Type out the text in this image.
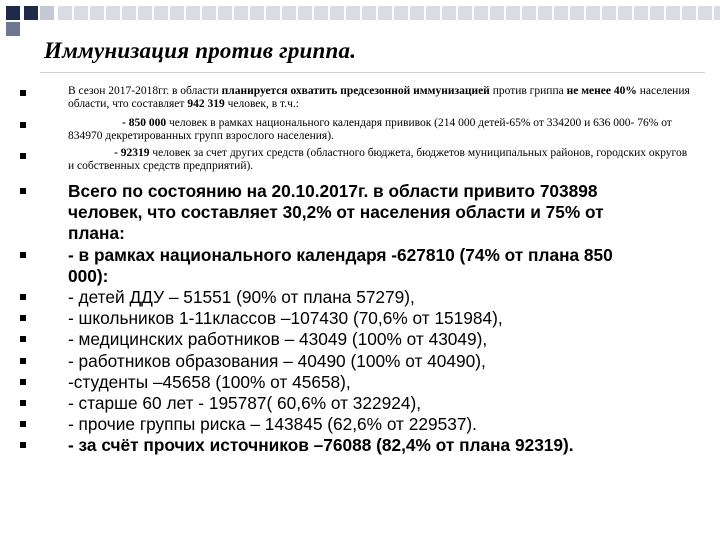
Иммунизация против гриппа.
В сезон 2017-2018гг. в области планируется охватить предсезонной иммунизацией против гриппа не менее 40% населения области, что составляет 942 319 человек, в т.ч.:
- 850 000 человек в рамках национального календаря прививок (214 000 детей-65% от 334200 и 636 000- 76% от 834970 декретированных групп взрослого населения).
- 92319 человек за счет других средств (областного бюджета, бюджетов муниципальных районов, городских округов и собственных средств предприятий).
Всего по состоянию на 20.10.2017г. в области привито 703898
человек, что составляет 30,2% от населения области и 75% от
плана:
- в рамках национального календаря -627810 (74% от плана 850
000):
- детей ДДУ – 51551 (90% от плана 57279),
- школьников 1-11классов –107430 (70,6% от 151984),
- медицинских работников – 43049 (100% от 43049),
- работников образования – 40490 (100% от 40490),
-студенты –45658 (100% от 45658),
- старше 60 лет - 195787( 60,6% от 322924),
- прочие группы риска – 143845 (62,6% от 229537).
- за счёт прочих источников –76088 (82,4% от плана 92319).
